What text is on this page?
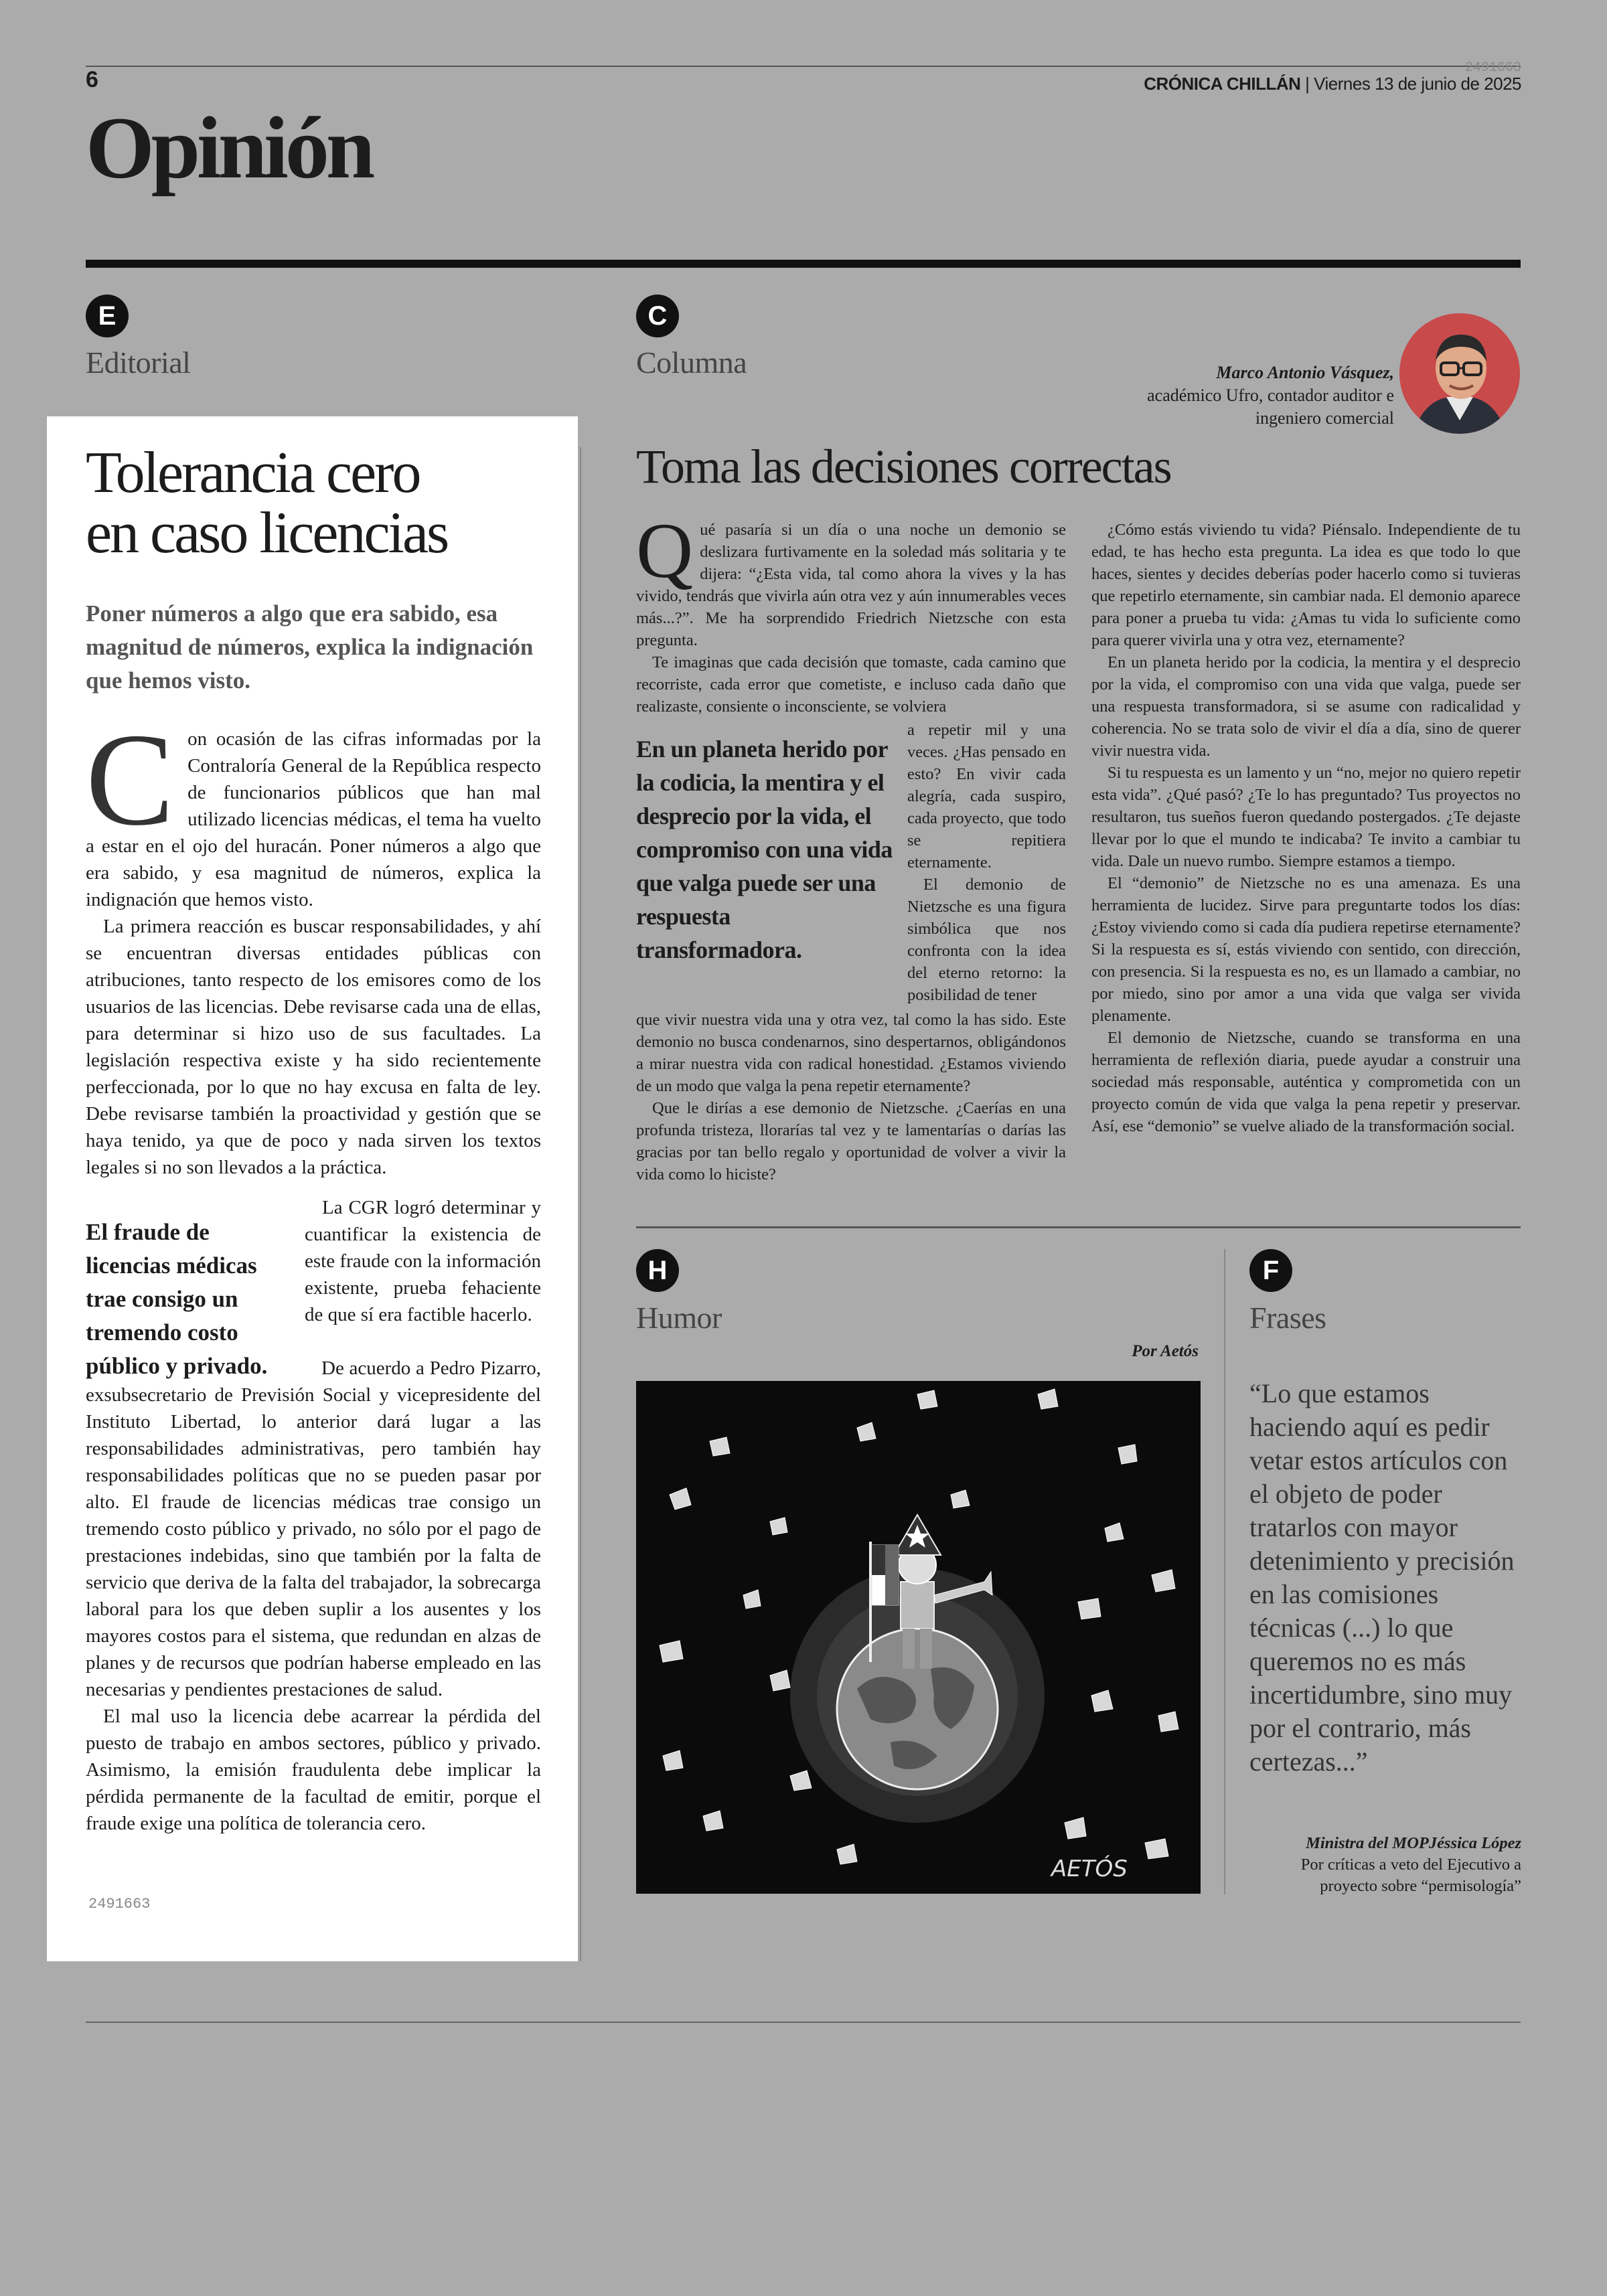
6	2491663
CRÓNICA CHILLÁN | Viernes 13 de junio de 2025
Opinión
E
Editorial
Tolerancia cero
en caso licencias
Poner números a algo que era sabido, esa magnitud de números, explica la indignación que hemos visto.

Con ocasión de las cifras informadas por la Contraloría General de la República respecto de funcionarios públicos que han mal utilizado licencias médicas, el tema ha vuelto a estar en el ojo del huracán. Poner números a algo que era sabido, y esa magnitud de números, explica la indignación que hemos visto.

La primera reacción es buscar responsabilidades, y ahí se encuentran diversas entidades públicas con atribuciones, tanto respecto de los emisores como de los usuarios de las licencias. Debe revisarse cada una de ellas, para determinar si hizo uso de sus facultades. La legislación respectiva existe y ha sido recientemente perfeccionada, por lo que no hay excusa en falta de ley. Debe revisarse también la proactividad y gestión que se haya tenido, ya que de poco y nada sirven los textos legales si no son llevados a la práctica.

El fraude de licencias médicas trae consigo un tremendo costo público y privado.

La CGR logró determinar y cuantificar la existencia de este fraude con la información existente, prueba fehaciente de que sí era factible hacerlo.

De acuerdo a Pedro Pizarro, exsubsecretario de Previsión Social y vicepresidente del Instituto Libertad, lo anterior dará lugar a las responsabilidades administrativas, pero también hay responsabilidades políticas que no se pueden pasar por alto. El fraude de licencias médicas trae consigo un tremendo costo público y privado, no sólo por el pago de prestaciones indebidas, sino que también por la falta de servicio que deriva de la falta del trabajador, la sobrecarga laboral para los que deben suplir a los ausentes y los mayores costos para el sistema, que redundan en alzas de planes y de recursos que podrían haberse empleado en las necesarias y pendientes prestaciones de salud.

El mal uso la licencia debe acarrear la pérdida del puesto de trabajo en ambos sectores, público y privado. Asimismo, la emisión fraudulenta debe implicar la pérdida permanente de la facultad de emitir, porque el fraude exige una política de tolerancia cero.

2491663
C
Columna	Marco Antonio Vásquez,
académico Ufro, contador auditor e
ingeniero comercial
Toma las decisiones correctas

Qué pasaría si un día o una noche un demonio se deslizara furtivamente en la soledad más solitaria y te dijera: “¿Esta vida, tal como ahora la vives y la has vivido, tendrás que vivirla aún otra vez y aún innumerables veces más...?”. Me ha sorprendido Friedrich Nietzsche con esta pregunta.

Te imaginas que cada decisión que tomaste, cada camino que recorriste, cada error que cometiste, e incluso cada daño que realizaste, consiente o inconsciente, se volviera

En un planeta herido por la codicia, la mentira y el desprecio por la vida, el compromiso con una vida que valga puede ser una respuesta transformadora.

a repetir mil y una veces. ¿Has pensado en esto? En vivir cada alegría, cada suspiro, cada proyecto, que todo se repitiera eternamente.

El demonio de Nietzsche es una figura simbólica que nos confronta con la idea del eterno retorno: la posibilidad de tener

que vivir nuestra vida una y otra vez, tal como la has sido. Este demonio no busca condenarnos, sino despertarnos, obligándonos a mirar nuestra vida con radical honestidad. ¿Estamos viviendo de un modo que valga la pena repetir eternamente?

Que le dirías a ese demonio de Nietzsche. ¿Caerías en una profunda tristeza, llorarías tal vez y te lamentarías o darías las gracias por tan bello regalo y oportunidad de volver a vivir la vida como lo hiciste?

¿Cómo estás viviendo tu vida? Piénsalo. Independiente de tu edad, te has hecho esta pregunta. La idea es que todo lo que haces, sientes y decides deberías poder hacerlo como si tuvieras que repetirlo eternamente, sin cambiar nada. El demonio aparece para poner a prueba tu vida: ¿Amas tu vida lo suficiente como para querer vivirla una y otra vez, eternamente?

En un planeta herido por la codicia, la mentira y el desprecio por la vida, el compromiso con una vida que valga, puede ser una respuesta transformadora, si se asume con radicalidad y coherencia. No se trata solo de vivir el día a día, sino de querer vivir nuestra vida.

Si tu respuesta es un lamento y un “no, mejor no quiero repetir esta vida”. ¿Qué pasó? ¿Te lo has preguntado? Tus proyectos no resultaron, tus sueños fueron quedando postergados. ¿Te dejaste llevar por lo que el mundo te indicaba? Te invito a cambiar tu vida. Dale un nuevo rumbo. Siempre estamos a tiempo.

El “demonio” de Nietzsche no es una amenaza. Es una herramienta de lucidez. Sirve para preguntarte todos los días: ¿Estoy viviendo como si cada día pudiera repetirse eternamente? Si la respuesta es sí, estás viviendo con sentido, con dirección, con presencia. Si la respuesta es no, es un llamado a cambiar, no por miedo, sino por amor a una vida que valga ser vivida plenamente.

El demonio de Nietzsche, cuando se transforma en una herramienta de reflexión diaria, puede ayudar a construir una sociedad más responsable, auténtica y comprometida con un proyecto común de vida que valga la pena repetir y preservar. Así, ese “demonio” se vuelve aliado de la transformación social.

H
Humor
Por Aetós
AETÓS
F
Frases
“Lo que estamos haciendo aquí es pedir vetar estos artículos con el objeto de poder tratarlos con mayor detenimiento y precisión en las comisiones técnicas (...) lo que queremos no es más incertidumbre, sino muy por el contrario, más certezas...”
Ministra del MOPJéssica López
Por críticas a veto del Ejecutivo a proyecto sobre “permisología”
